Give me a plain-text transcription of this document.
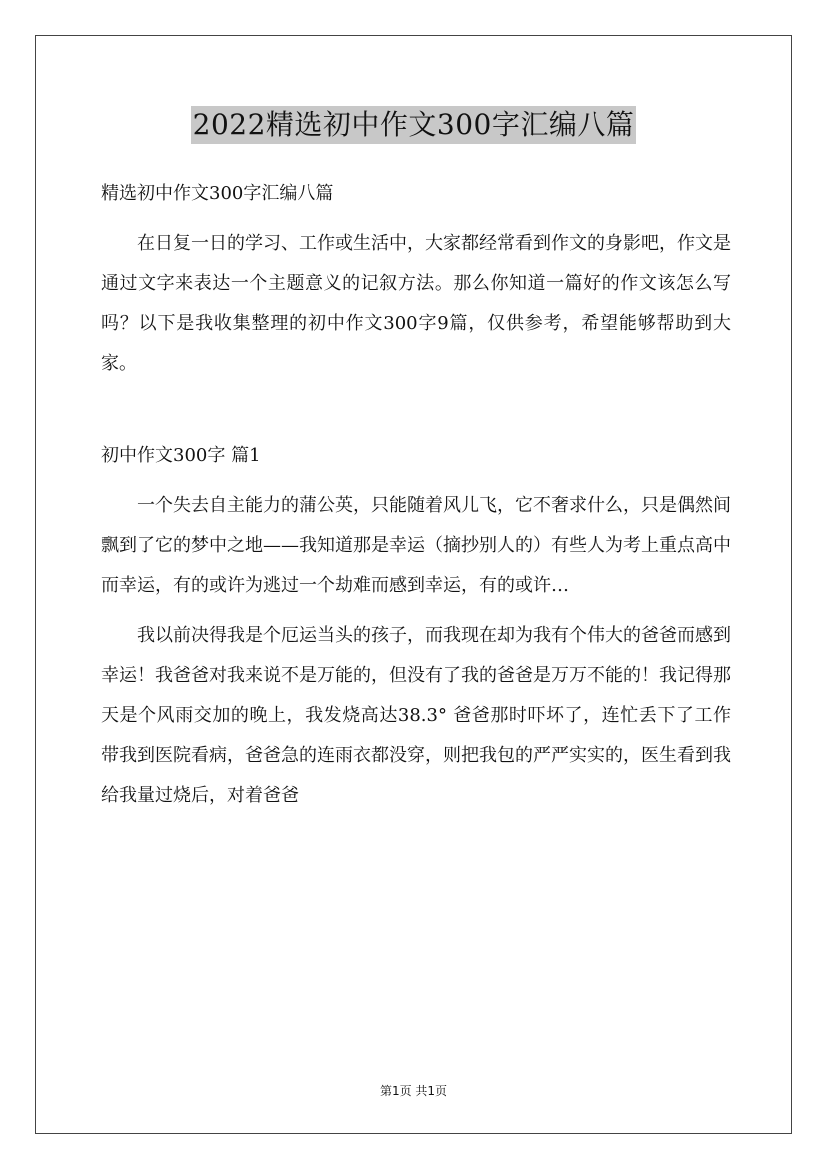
2022精选初中作文300字汇编八篇

精选初中作文300字汇编八篇

在日复一日的学习、工作或生活中，大家都经常看到作文的身影吧，作文是通过文字来表达一个主题意义的记叙方法。那么你知道一篇好的作文该怎么写吗？以下是我收集整理的初中作文300字9篇，仅供参考，希望能够帮助到大家。

初中作文300字 篇1

一个失去自主能力的蒲公英，只能随着风儿飞，它不奢求什么，只是偶然间飘到了它的梦中之地——我知道那是幸运（摘抄别人的）有些人为考上重点高中而幸运，有的或许为逃过一个劫难而感到幸运，有的或许…

我以前决得我是个厄运当头的孩子，而我现在却为我有个伟大的爸爸而感到幸运！我爸爸对我来说不是万能的，但没有了我的爸爸是万万不能的！我记得那天是个风雨交加的晚上，我发烧高达38.3° 爸爸那时吓坏了，连忙丢下了工作带我到医院看病，爸爸急的连雨衣都没穿，则把我包的严严实实的，医生看到我给我量过烧后，对着爸爸

第1页 共1页
